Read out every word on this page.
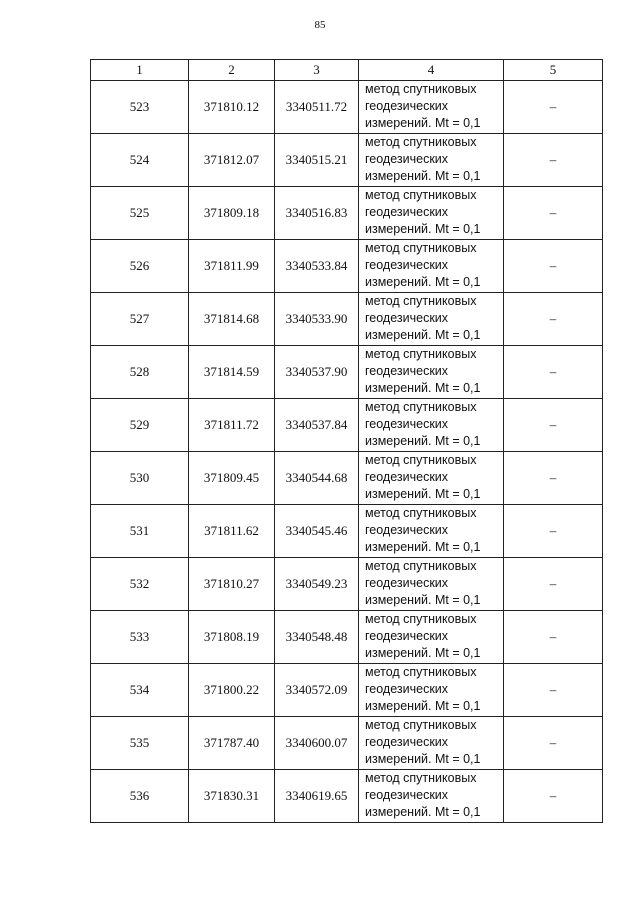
85
1	2	3	4	5
523	371810.12	3340511.72	метод спутниковых
геодезических
измерений. Mt = 0,1	–
524	371812.07	3340515.21	метод спутниковых
геодезических
измерений. Mt = 0,1	–
525	371809.18	3340516.83	метод спутниковых
геодезических
измерений. Mt = 0,1	–
526	371811.99	3340533.84	метод спутниковых
геодезических
измерений. Mt = 0,1	–
527	371814.68	3340533.90	метод спутниковых
геодезических
измерений. Mt = 0,1	–
528	371814.59	3340537.90	метод спутниковых
геодезических
измерений. Mt = 0,1	–
529	371811.72	3340537.84	метод спутниковых
геодезических
измерений. Mt = 0,1	–
530	371809.45	3340544.68	метод спутниковых
геодезических
измерений. Mt = 0,1	–
531	371811.62	3340545.46	метод спутниковых
геодезических
измерений. Mt = 0,1	–
532	371810.27	3340549.23	метод спутниковых
геодезических
измерений. Mt = 0,1	–
533	371808.19	3340548.48	метод спутниковых
геодезических
измерений. Mt = 0,1	–
534	371800.22	3340572.09	метод спутниковых
геодезических
измерений. Mt = 0,1	–
535	371787.40	3340600.07	метод спутниковых
геодезических
измерений. Mt = 0,1	–
536	371830.31	3340619.65	метод спутниковых
геодезических
измерений. Mt = 0,1	–
